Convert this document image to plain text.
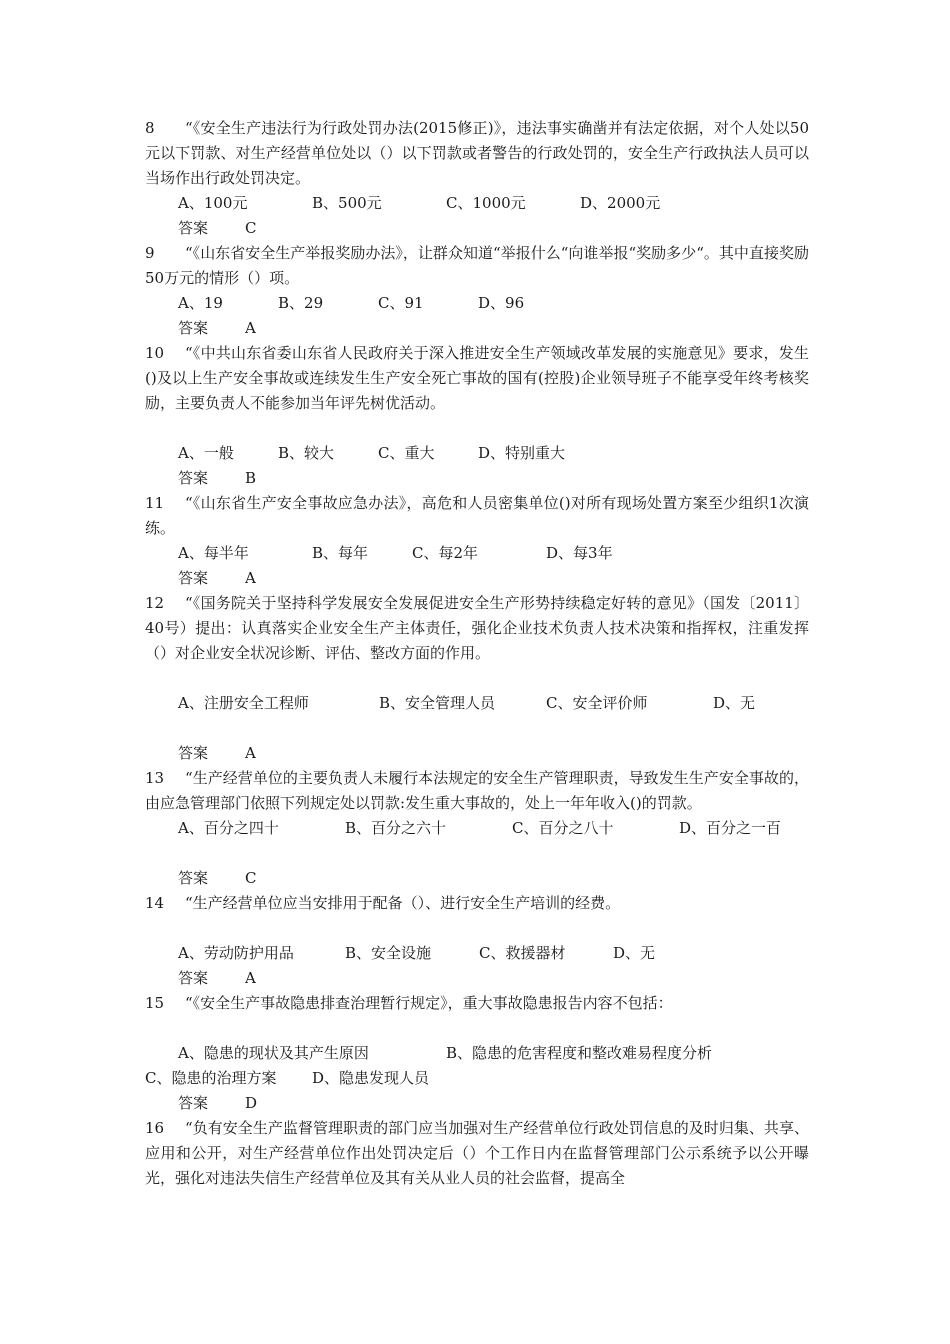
8 “《安全生产违法行为行政处罚办法(2015修正)》，违法事实确凿并有法定依据，对个人处以50元以下罚款、对生产经营单位处以（）以下罚款或者警告的行政处罚的，安全生产行政执法人员可以当场作出行政处罚决定。

A、100元	B、500元	C、1000元	D、2000元

答案 C

9 “《山东省安全生产举报奖励办法》，让群众知道“举报什么“向谁举报“奖励多少“。其中直接奖励50万元的情形（）项。

A、19	B、29	C、91	D、96

答案 A

10 “《中共山东省委山东省人民政府关于深入推进安全生产领域改革发展的实施意见》要求，发生()及以上生产安全事故或连续发生生产安全死亡事故的国有(控股)企业领导班子不能享受年终考核奖励，主要负责人不能参加当年评先树优活动。

A、一般	B、较大	C、重大	D、特别重大

答案 B

11 “《山东省生产安全事故应急办法》，高危和人员密集单位()对所有现场处置方案至少组织1次演练。

A、每半年	B、每年	C、每2年	D、每3年

答案 A

12 “《国务院关于坚持科学发展安全发展促进安全生产形势持续稳定好转的意见》（国发〔2011〕40号）提出：认真落实企业安全生产主体责任，强化企业技术负责人技术决策和指挥权，注重发挥（）对企业安全状况诊断、评估、整改方面的作用。

A、注册安全工程师	B、安全管理人员	C、安全评价师	D、无

答案 A

13 “生产经营单位的主要负责人未履行本法规定的安全生产管理职责，导致发生生产安全事故的，由应急管理部门依照下列规定处以罚款:发生重大事故的，处上一年年收入()的罚款。

A、百分之四十	B、百分之六十	C、百分之八十	D、百分之一百

答案 C

14 “生产经营单位应当安排用于配备（）、进行安全生产培训的经费。

A、劳动防护用品	B、安全设施	C、救援器材	D、无

答案 A

15 “《安全生产事故隐患排查治理暂行规定》，重大事故隐患报告内容不包括：

A、隐患的现状及其产生原因	B、隐患的危害程度和整改难易程度分析C、隐患的治理方案 D、隐患发现人员

答案 D

16 “负有安全生产监督管理职责的部门应当加强对生产经营单位行政处罚信息的及时归集、共享、应用和公开，对生产经营单位作出处罚决定后（）个工作日内在监督管理部门公示系统予以公开曝光，强化对违法失信生产经营单位及其有关从业人员的社会监督，提高全
